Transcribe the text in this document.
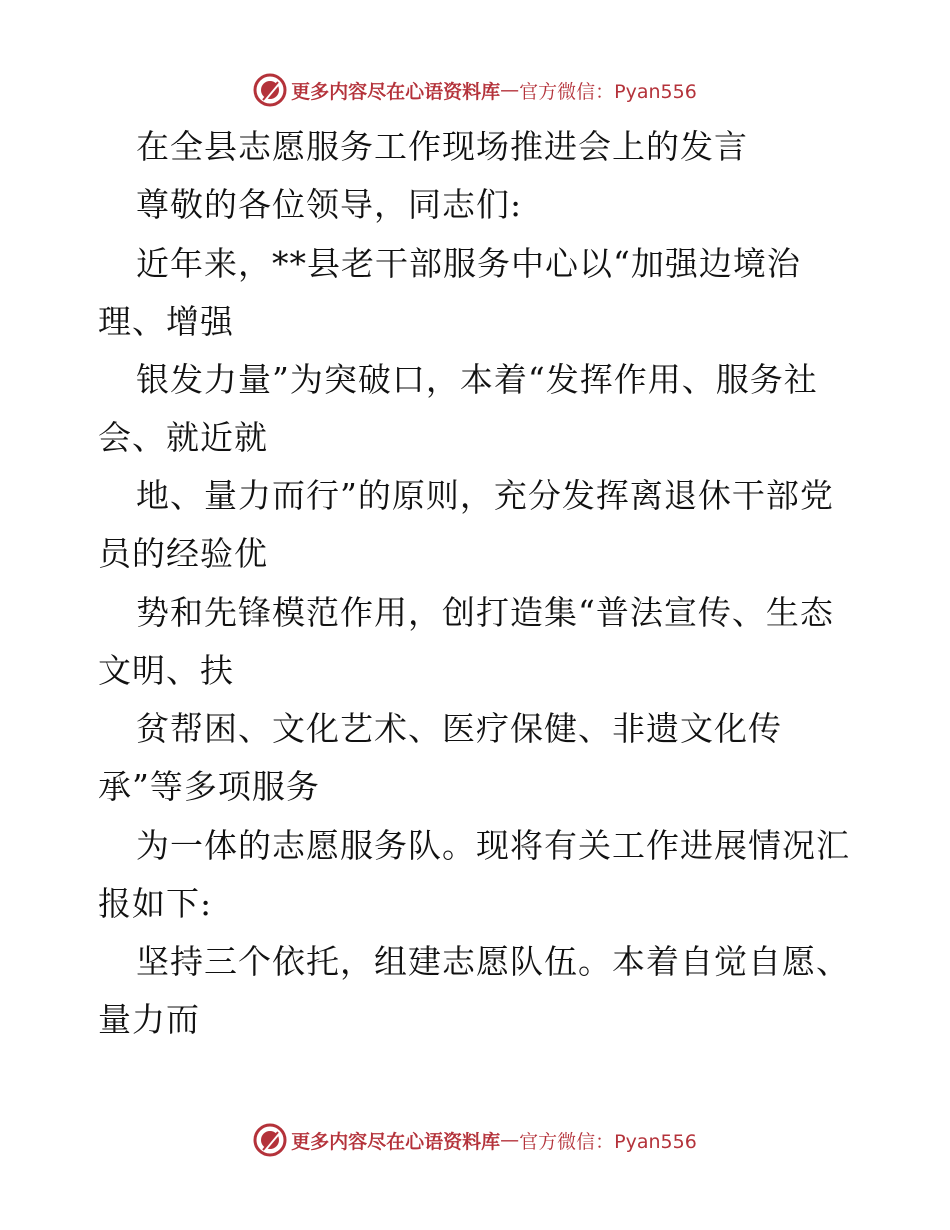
更多内容尽在心语资料库 — 官方微信：Pyan556
在全县志愿服务工作现场推进会上的发言
尊敬的各位领导，同志们:
近年来，**县老干部服务中心以“加强边境治
理、增强
银发力量”为突破口，本着“发挥作用、服务社
会、就近就
地、量力而行”的原则，充分发挥离退休干部党
员的经验优
势和先锋模范作用，创打造集“普法宣传、生态
文明、扶
贫帮困、文化艺术、医疗保健、非遗文化传
承”等多项服务
为一体的志愿服务队。现将有关工作进展情况汇
报如下:
坚持三个依托，组建志愿队伍。本着自觉自愿、
量力而
更多内容尽在心语资料库 — 官方微信：Pyan556
